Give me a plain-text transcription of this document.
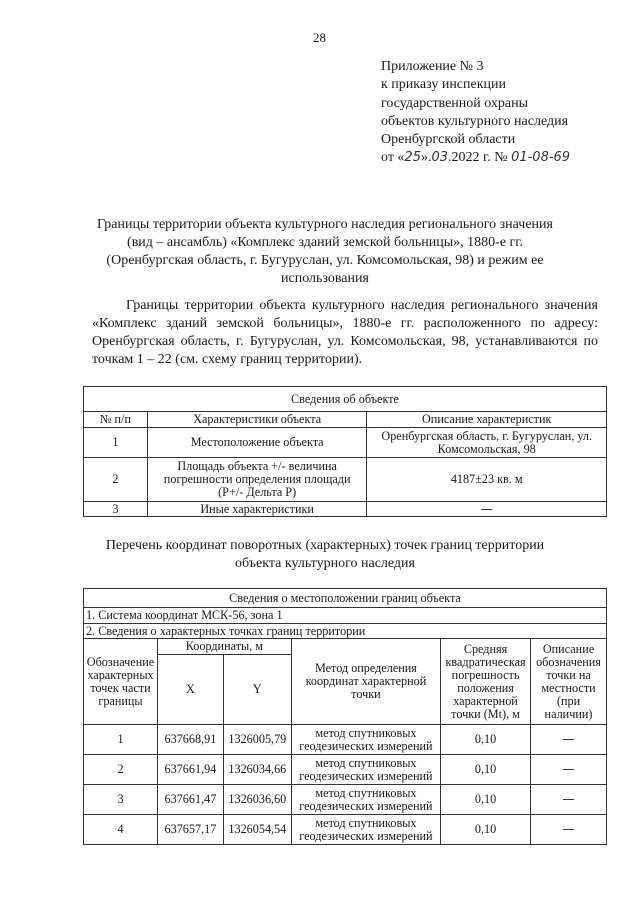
28
Приложение № 3
к приказу инспекции
государственной охраны
объектов культурного наследия
Оренбургской области
от «25».03.2022 г. № 01-08-69
Границы территории объекта культурного наследия регионального значения (вид – ансамбль) «Комплекс зданий земской больницы», 1880-е гг. (Оренбургская область, г. Бугуруслан, ул. Комсомольская, 98) и режим ее использования
Границы территории объекта культурного наследия регионального значения «Комплекс зданий земской больницы», 1880-е гг. расположенного по адресу: Оренбургская область, г. Бугуруслан, ул. Комсомольская, 98, устанавливаются по точкам 1 – 22 (см. схему границ территории).
Сведения об объекте		
№ п/п	Характеристики объекта	Описание характеристик
1	Местоположение объекта	Оренбургская область, г. Бугуруслан, ул. Комсомольская, 98
2	Площадь объекта +/- величина погрешности определения площади (Р+/- Дельта Р)	4187±23 кв. м
3	Иные характеристики	—
Перечень координат поворотных (характерных) точек границ территории объекта культурного наследия
Сведения о местоположении границ объекта					
1. Система координат МСК-56, зона 1					
2. Сведения о характерных точках границ территории					
Обозначение характерных точек части границы	Координаты, м		Метод определения координат характерной точки	Средняя квадратическая погрешность положения характерной точки (Mt), м	Описание обозначения точки на местности (при наличии)
	X	Y			
1	637668,91	1326005,79	метод спутниковых геодезических измерений	0,10	—
2	637661,94	1326034,66	метод спутниковых геодезических измерений	0,10	—
3	637661,47	1326036,60	метод спутниковых геодезических измерений	0,10	—
4	637657,17	1326054,54	метод спутниковых геодезических измерений	0,10	—
